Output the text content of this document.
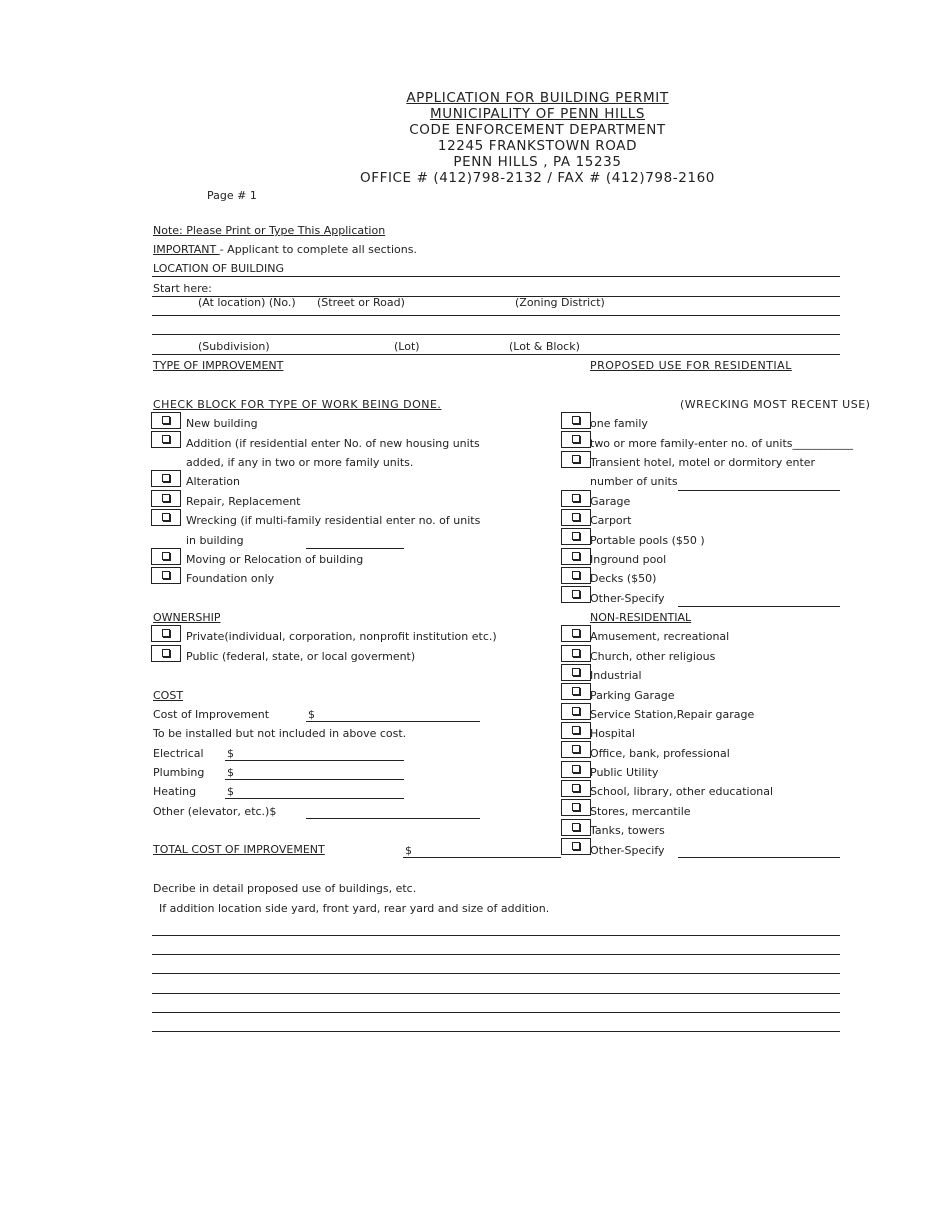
APPLICATION FOR BUILDING PERMIT
MUNICIPALITY OF PENN HILLS
CODE ENFORCEMENT DEPARTMENT
12245 FRANKSTOWN ROAD
PENN HILLS , PA 15235
OFFICE # (412)798-2132 / FAX # (412)798-2160
Page # 1
Note: Please Print or Type This Application
IMPORTANT - Applicant to complete all sections.
LOCATION OF BUILDING
Start here:
(At location) (No.) (Street or Road)	(Zoning District)
(Subdivision)	(Lot)	(Lot & Block)
TYPE OF IMPROVEMENT
CHECK BLOCK FOR TYPE OF WORK BEING DONE.
New building
Addition (if residential enter No. of new housing units
added, if any in two or more family units.
Alteration
Repair, Replacement
Wrecking (if multi-family residential enter no. of units
in building
Moving or Relocation of building
Foundation only
OWNERSHIP
Private(individual, corporation, nonprofit institution etc.)
Public (federal, state, or local goverment)
COST
Cost of Improvement	$
To be installed but not included in above cost.
Electrical $
Plumbing $
Heating	$
Other (elevator, etc.)$
TOTAL COST OF IMPROVEMENT	$
PROPOSED USE FOR RESIDENTIAL
(WRECKING MOST RECENT USE)
one family
two or more family-enter no. of units___________
Transient hotel, motel or dormitory enter
number of units
Garage
Carport
Portable pools ($50 )
Inground pool
Decks ($50)
Other-Specify
NON-RESIDENTIAL
Amusement, recreational
Church, other religious
Industrial
Parking Garage
Service Station,Repair garage
Hospital
Office, bank, professional
Public Utility
School, library, other educational
Stores, mercantile
Tanks, towers
Other-Specify
Decribe in detail proposed use of buildings, etc.
If addition location side yard, front yard, rear yard and size of addition.
